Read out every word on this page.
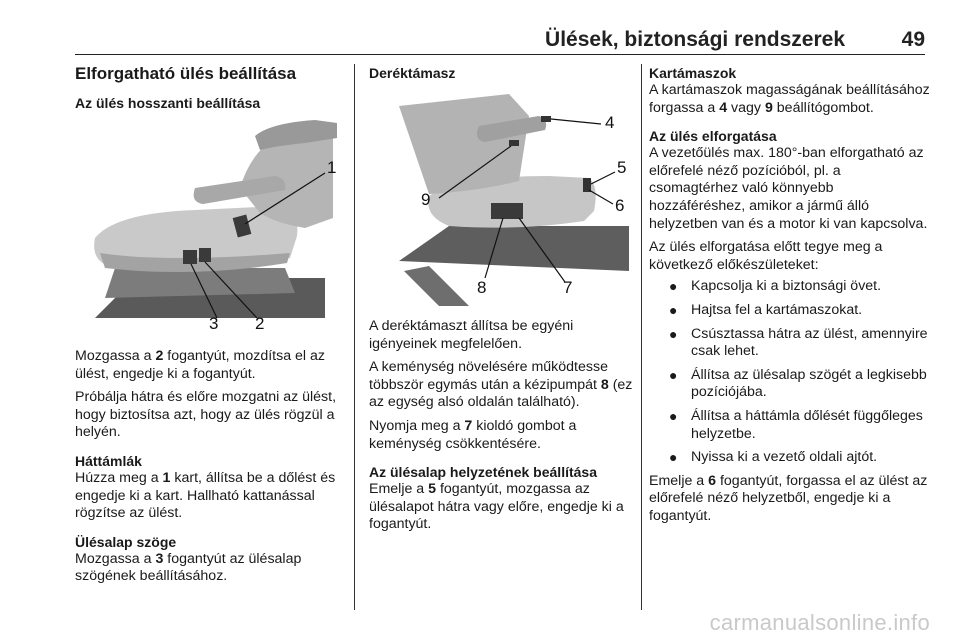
Ülések, biztonsági rendszerek	49
Elforgatható ülés beállítása
Az ülés hosszanti beállítása
1
2
3

Mozgassa a 2 fogantyút, mozdítsa el az ülést, engedje ki a fogantyút.

Próbálja hátra és előre mozgatni az ülést, hogy biztosítsa azt, hogy az ülés rögzül a helyén.

Háttámlák

Húzza meg a 1 kart, állítsa be a dőlést és engedje ki a kart. Hallható kattanással rögzítse az ülést.

Ülésalap szöge

Mozgassa a 3 fogantyút az ülésalap szögének beállításához.

Deréktámasz
4
5
6
7
8
9

A deréktámaszt állítsa be egyéni igényeinek megfelelően.

A keménység növelésére működtesse többször egymás után a kézipumpát 8 (ez az egység alsó oldalán található).

Nyomja meg a 7 kioldó gombot a keménység csökkentésére.

Az ülésalap helyzetének beállítása

Emelje a 5 fogantyút, mozgassa az ülésalapot hátra vagy előre, engedje ki a fogantyút.

Kartámaszok

A kartámaszok magasságának beállításához forgassa a 4 vagy 9 beállítógombot.

Az ülés elforgatása

A vezetőülés max. 180°-ban elforgatható az előrefelé néző pozícióból, pl. a csomagtérhez való könnyebb hozzáféréshez, amikor a jármű álló helyzetben van és a motor ki van kapcsolva.

Az ülés elforgatása előtt tegye meg a következő előkészületeket:

● Kapcsolja ki a biztonsági övet.
● Hajtsa fel a kartámaszokat.
● Csúsztassa hátra az ülést, amennyire csak lehet.
● Állítsa az ülésalap szögét a legkisebb pozíciójába.
● Állítsa a háttámla dőlését függőleges helyzetbe.
● Nyissa ki a vezető oldali ajtót.

Emelje a 6 fogantyút, forgassa el az ülést az előrefelé néző helyzetből, engedje ki a fogantyút.

carmanualsonline.info
